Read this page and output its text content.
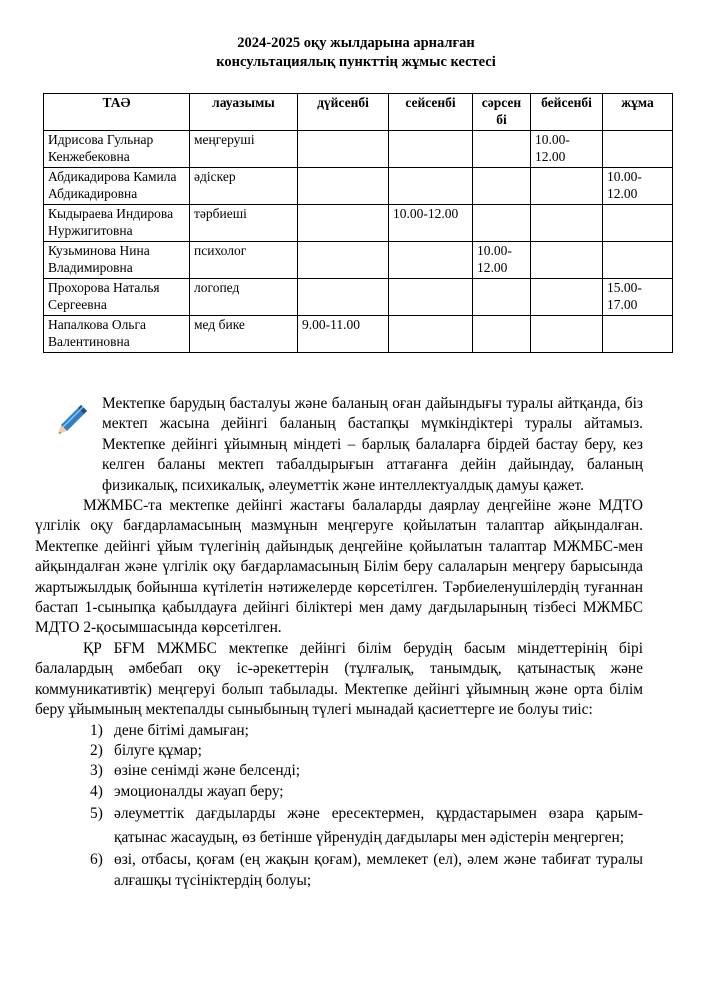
2024-2025 оқу жылдарына арналған
консультациялық пункттің жұмыс кестесі
ТАӘ	лауазымы	дүйсенбі	сейсенбі	сәрсен бі	бейсенбі	жұма
Идрисова Гульнар Кенжебековна	меңгеруші				10.00-12.00	
Абдикадирова Камила Абдикадировна	әдіскер					10.00-12.00
Кыдыраева Индирова Нуржигитовна	тәрбиеші		10.00-12.00			
Кузьминова Нина Владимировна	психолог			10.00-12.00		
Прохорова Наталья Сергеевна	логопед					15.00-17.00
Напалкова Ольга Валентиновна	мед бике	9.00-11.00				

Мектепке барудың басталуы және баланың оған дайындығы туралы айтқанда, біз мектеп жасына дейінгі баланың бастапқы мүмкіндіктері туралы айтамыз. Мектепке дейінгі ұйымның міндеті – барлық балаларға бірдей бастау беру, кез келген баланы мектеп табалдырығын аттағанға дейін дайындау, баланың физикалық, психикалық, әлеуметтік және интеллектуалдық дамуы қажет.

МЖМБС-та мектепке дейінгі жастағы балаларды даярлау деңгейіне және МДТО үлгілік оқу бағдарламасының мазмұнын меңгеруге қойылатын талаптар айқындалған. Мектепке дейінгі ұйым түлегінің дайындық деңгейіне қойылатын талаптар МЖМБС-мен айқындалған және үлгілік оқу бағдарламасының Білім беру салаларын меңгеру барысында жартыжылдық бойынша күтілетін нәтижелерде көрсетілген. Тәрбиеленушілердің туғаннан бастап 1-сыныпқа қабылдауға дейінгі біліктері мен даму дағдыларының тізбесі МЖМБС МДТО 2-қосымшасында көрсетілген.

ҚР БҒМ МЖМБС мектепке дейінгі білім берудің басым міндеттерінің бірі балалардың әмбебап оқу іс-әрекеттерін (тұлғалық, танымдық, қатынастық және коммуникативтік) меңгеруі болып табылады. Мектепке дейінгі ұйымның және орта білім беру ұйымының мектепалды сыныбының түлегі мынадай қасиеттерге ие болуы тиіс:

1) дене бітімі дамыған;
2) білуге құмар;
3) өзіне сенімді және белсенді;
4) эмоционалды жауап беру;
5) әлеуметтік дағдыларды және ересектермен, құрдастарымен өзара қарым-қатынас жасаудың, өз бетінше үйренудің дағдылары мен әдістерін меңгерген;
6) өзі, отбасы, қоғам (ең жақын қоғам), мемлекет (ел), әлем және табиғат туралы алғашқы түсініктердің болуы;
